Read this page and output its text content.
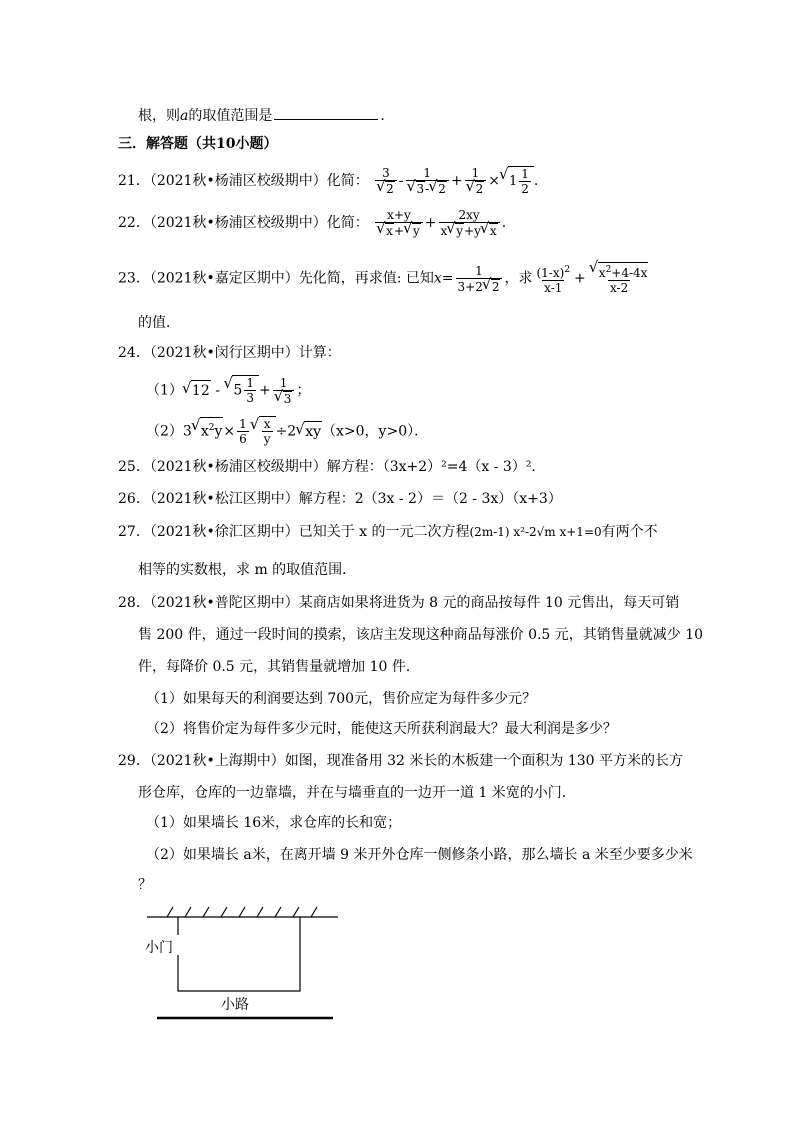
根，则a的取值范围是	.
三．解答题（共10小题）
21．（2021秋•杨浦区校级期中）化简： 3
√ 2 - 1
√ 3-√ 2 + 1
√ 2 ×√ $1 \frac{1}{2}$ .
22．（2021秋•杨浦区校级期中）化简： x+y
√ x+√ $y + \frac{2xy}{x√ y+y√ x}$ .
23．（2021秋•嘉定区期中）先化简，再求值: 已知$x= \frac{1}{3+2√ 2}$ ，求 $\frac{(1-x)^2}{x-1}$ +
√ $\frac{x^2+4-4x}{x-2}$
的值．
24．（2021秋•闵行区期中）计算：
（1）√ 12 - √ $5 \frac{1}{3} + 1$
√ 3 ；
（2）3√ $x^2y\times \frac{1}{6}$
√ $\frac{x}{y} \div 2√$ xy（x>0，y>0）．
25．（2021秋•杨浦区校级期中）解方程：（3x+2）²=4（x - 3）².
26．（2021秋•松江区期中）解方程：2（3x - 2）＝（2 - 3x）（x+3）
27．（2021秋•徐汇区期中）已知关于 x 的一元二次方程(2m-1) x²-2√m x+1=0有两个不
相等的实数根，求 m 的取值范围．
28．（2021秋•普陀区期中）某商店如果将进货为 8 元的商品按每件 10 元售出，每天可销
售 200 件，通过一段时间的摸索，该店主发现这种商品每涨价 0.5 元，其销售量就减少 10
件，每降价 0.5 元，其销售量就增加 10 件．
（1）如果每天的利润要达到 700元，售价应定为每件多少元？
（2）将售价定为每件多少元时，能使这天所获利润最大？最大利润是多少？
29．（2021秋•上海期中）如图，现准备用 32 米长的木板建一个面积为 130 平方米的长方
形仓库，仓库的一边靠墙，并在与墙垂直的一边开一道 1 米宽的小门．
（1）如果墙长 16米，求仓库的长和宽；
（2）如果墙长 a米，在离开墙 9 米开外仓库一侧修条小路，那么墙长 a 米至少要多少米
？
小门
小路
